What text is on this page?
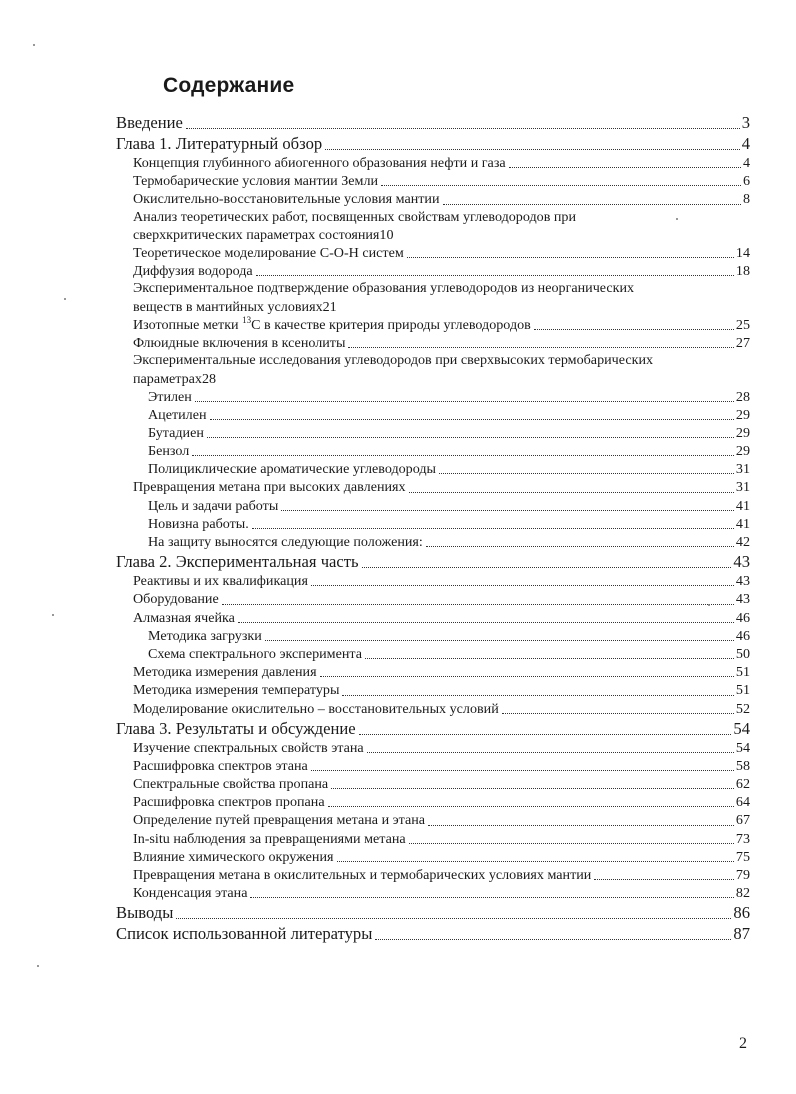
Содержание
Введение	3
Глава 1. Литературный обзор	4
Концепция глубинного абиогенного образования нефти и газа	4
Термобарические условия мантии Земли	6
Окислительно-восстановительные условия мантии	8
Анализ теоретических работ, посвященных свойствам углеводородов при
сверхкритических параметрах состояния 10
Теоретическое моделирование С-О-Н систем	14
Диффузия водорода	18
Экспериментальное подтверждение образования углеводородов из неорганических
веществ в мантийных условиях 21
Изотопные метки $^{13}$C в качестве критерия природы углеводородов	25
Флюидные включения в ксенолиты	27
Экспериментальные исследования углеводородов при сверхвысоких термобарических
параметрах 28
Этилен	28
Ацетилен	29
Бутадиен	29
Бензол	29
Полициклические ароматические углеводороды	31
Превращения метана при высоких давлениях	31
Цель и задачи работы	41
Новизна работы.	41
На защиту выносятся следующие положения:	42
Глава 2. Экспериментальная часть	43
Реактивы и их квалификация	43
Оборудование	43
Алмазная ячейка	46
Методика загрузки	46
Схема спектрального эксперимента	50
Методика измерения давления	51
Методика измерения температуры	51
Моделирование окислительно – восстановительных условий	52
Глава 3. Результаты и обсуждение	54
Изучение спектральных свойств этана	54
Расшифровка спектров этана	58
Спектральные свойства пропана	62
Расшифровка спектров пропана	64
Определение путей превращения метана и этана	67
In-situ наблюдения за превращениями метана	73
Влияние химического окружения	75
Превращения метана в окислительных и термобарических условиях мантии	79
Конденсация этана	82
Выводы	86
Список использованной литературы	87
2
